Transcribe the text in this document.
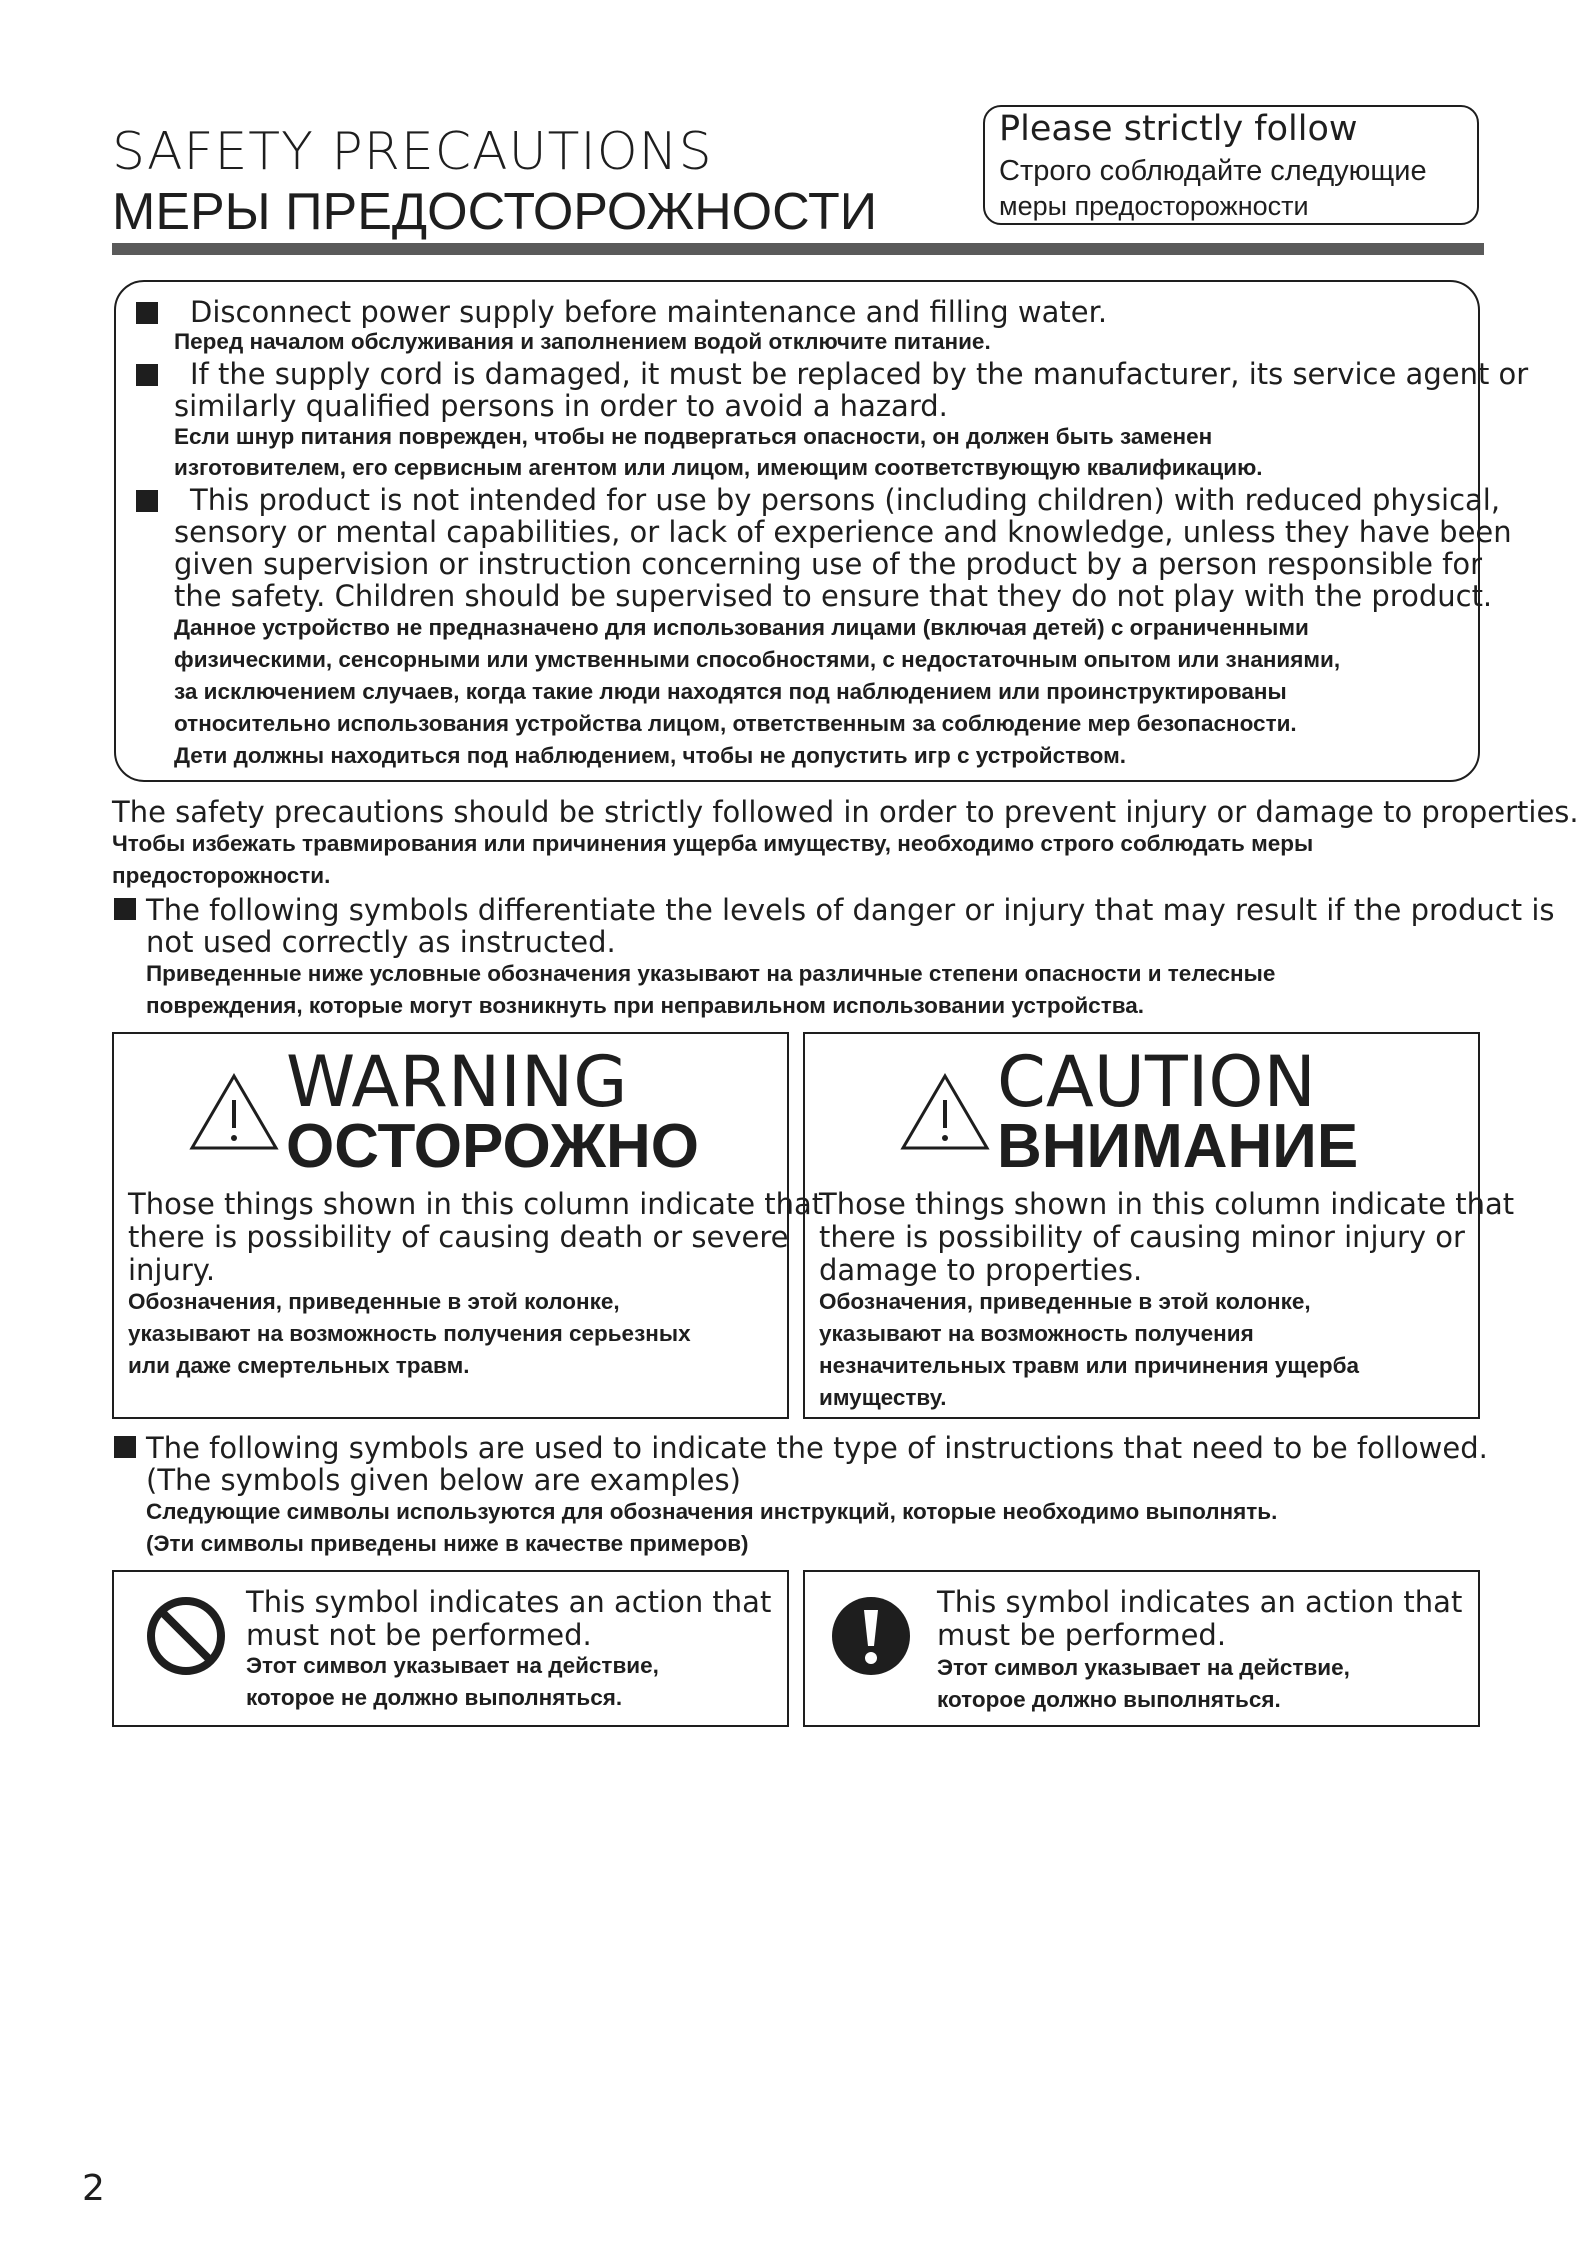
SAFETY PRECAUTIONS
МЕРЫ ПРЕДОСТОРОЖНОСТИ
Please strictly follow
Строго соблюдайте следующие
меры предосторожности
Disconnect power supply before maintenance and filling water.
Перед началом обслуживания и заполнением водой отключите питание.
If the supply cord is damaged, it must be replaced by the manufacturer, its service agent or
similarly qualified persons in order to avoid a hazard.
Если шнур питания поврежден, чтобы не подвергаться опасности, он должен быть заменен
изготовителем, его сервисным агентом или лицом, имеющим соответствующую квалификацию.
This product is not intended for use by persons (including children) with reduced physical,
sensory or mental capabilities, or lack of experience and knowledge, unless they have been
given supervision or instruction concerning use of the product by a person responsible for
the safety. Children should be supervised to ensure that they do not play with the product.
Данное устройство не предназначено для использования лицами (включая детей) с ограниченными
физическими, сенсорными или умственными способностями, с недостаточным опытом или знаниями,
за исключением случаев, когда такие люди находятся под наблюдением или проинструктированы
относительно использования устройства лицом, ответственным за соблюдение мер безопасности.
Дети должны находиться под наблюдением, чтобы не допустить игр с устройством.
The safety precautions should be strictly followed in order to prevent injury or damage to properties.
Чтобы избежать травмирования или причинения ущерба имуществу, необходимо строго соблюдать меры
предосторожности.
The following symbols differentiate the levels of danger or injury that may result if the product is
not used correctly as instructed.
Приведенные ниже условные обозначения указывают на различные степени опасности и телесные
повреждения, которые могут возникнуть при неправильном использовании устройства.
WARNING
ОСТОРОЖНО
Those things shown in this column indicate that
there is possibility of causing death or severe
injury.
Обозначения, приведенные в этой колонке,
указывают на возможность получения серьезных
или даже смертельных травм.
CAUTION
ВНИМАНИЕ
Those things shown in this column indicate that
there is possibility of causing minor injury or
damage to properties.
Обозначения, приведенные в этой колонке,
указывают на возможность получения
незначительных травм или причинения ущерба
имуществу.
The following symbols are used to indicate the type of instructions that need to be followed.
(The symbols given below are examples)
Следующие символы используются для обозначения инструкций, которые необходимо выполнять.
(Эти символы приведены ниже в качестве примеров)
This symbol indicates an action that
must not be performed.
Этот символ указывает на действие,
которое не должно выполняться.
This symbol indicates an action that
must be performed.
Этот символ указывает на действие,
которое должно выполняться.
2
